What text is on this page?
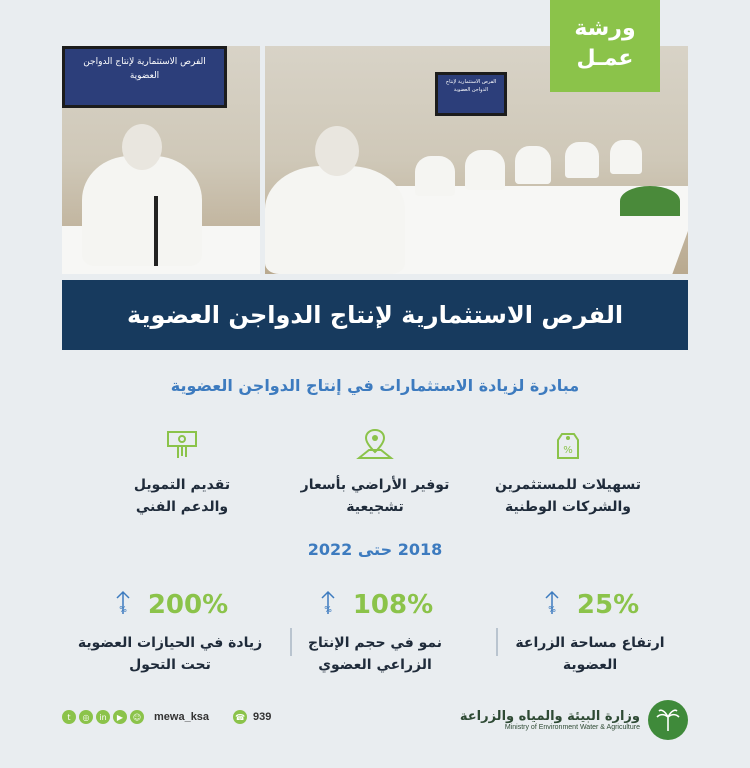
الفرص الاستثمارية لإنتاج الدواجن العضوية
الفرص الاستثمارية لإنتاج الدواجن العضوية
ورشة
عمـل
الفرص الاستثمارية لإنتاج الدواجن العضوية
مبادرة لزيادة الاستثمارات في إنتاج الدواجن العضوية
%
تسهيلات للمستثمرين
والشركات الوطنية
توفير الأراضي بأسعار
تشجيعية
تقديم التمويل
والدعم الفني
2018 حتى 2022
25%
%
ارتفاع مساحة الزراعة
العضوية
108%
%
نمو في حجم الإنتاج
الزراعي العضوي
200%
%
زيادة في الحيازات العضوية
تحت التحول
t	◎	in	▶	☺ mewa_ksa	☎ 939	وزارة البيئة والمياه والزراعة
Ministry of Environment Water & Agriculture
